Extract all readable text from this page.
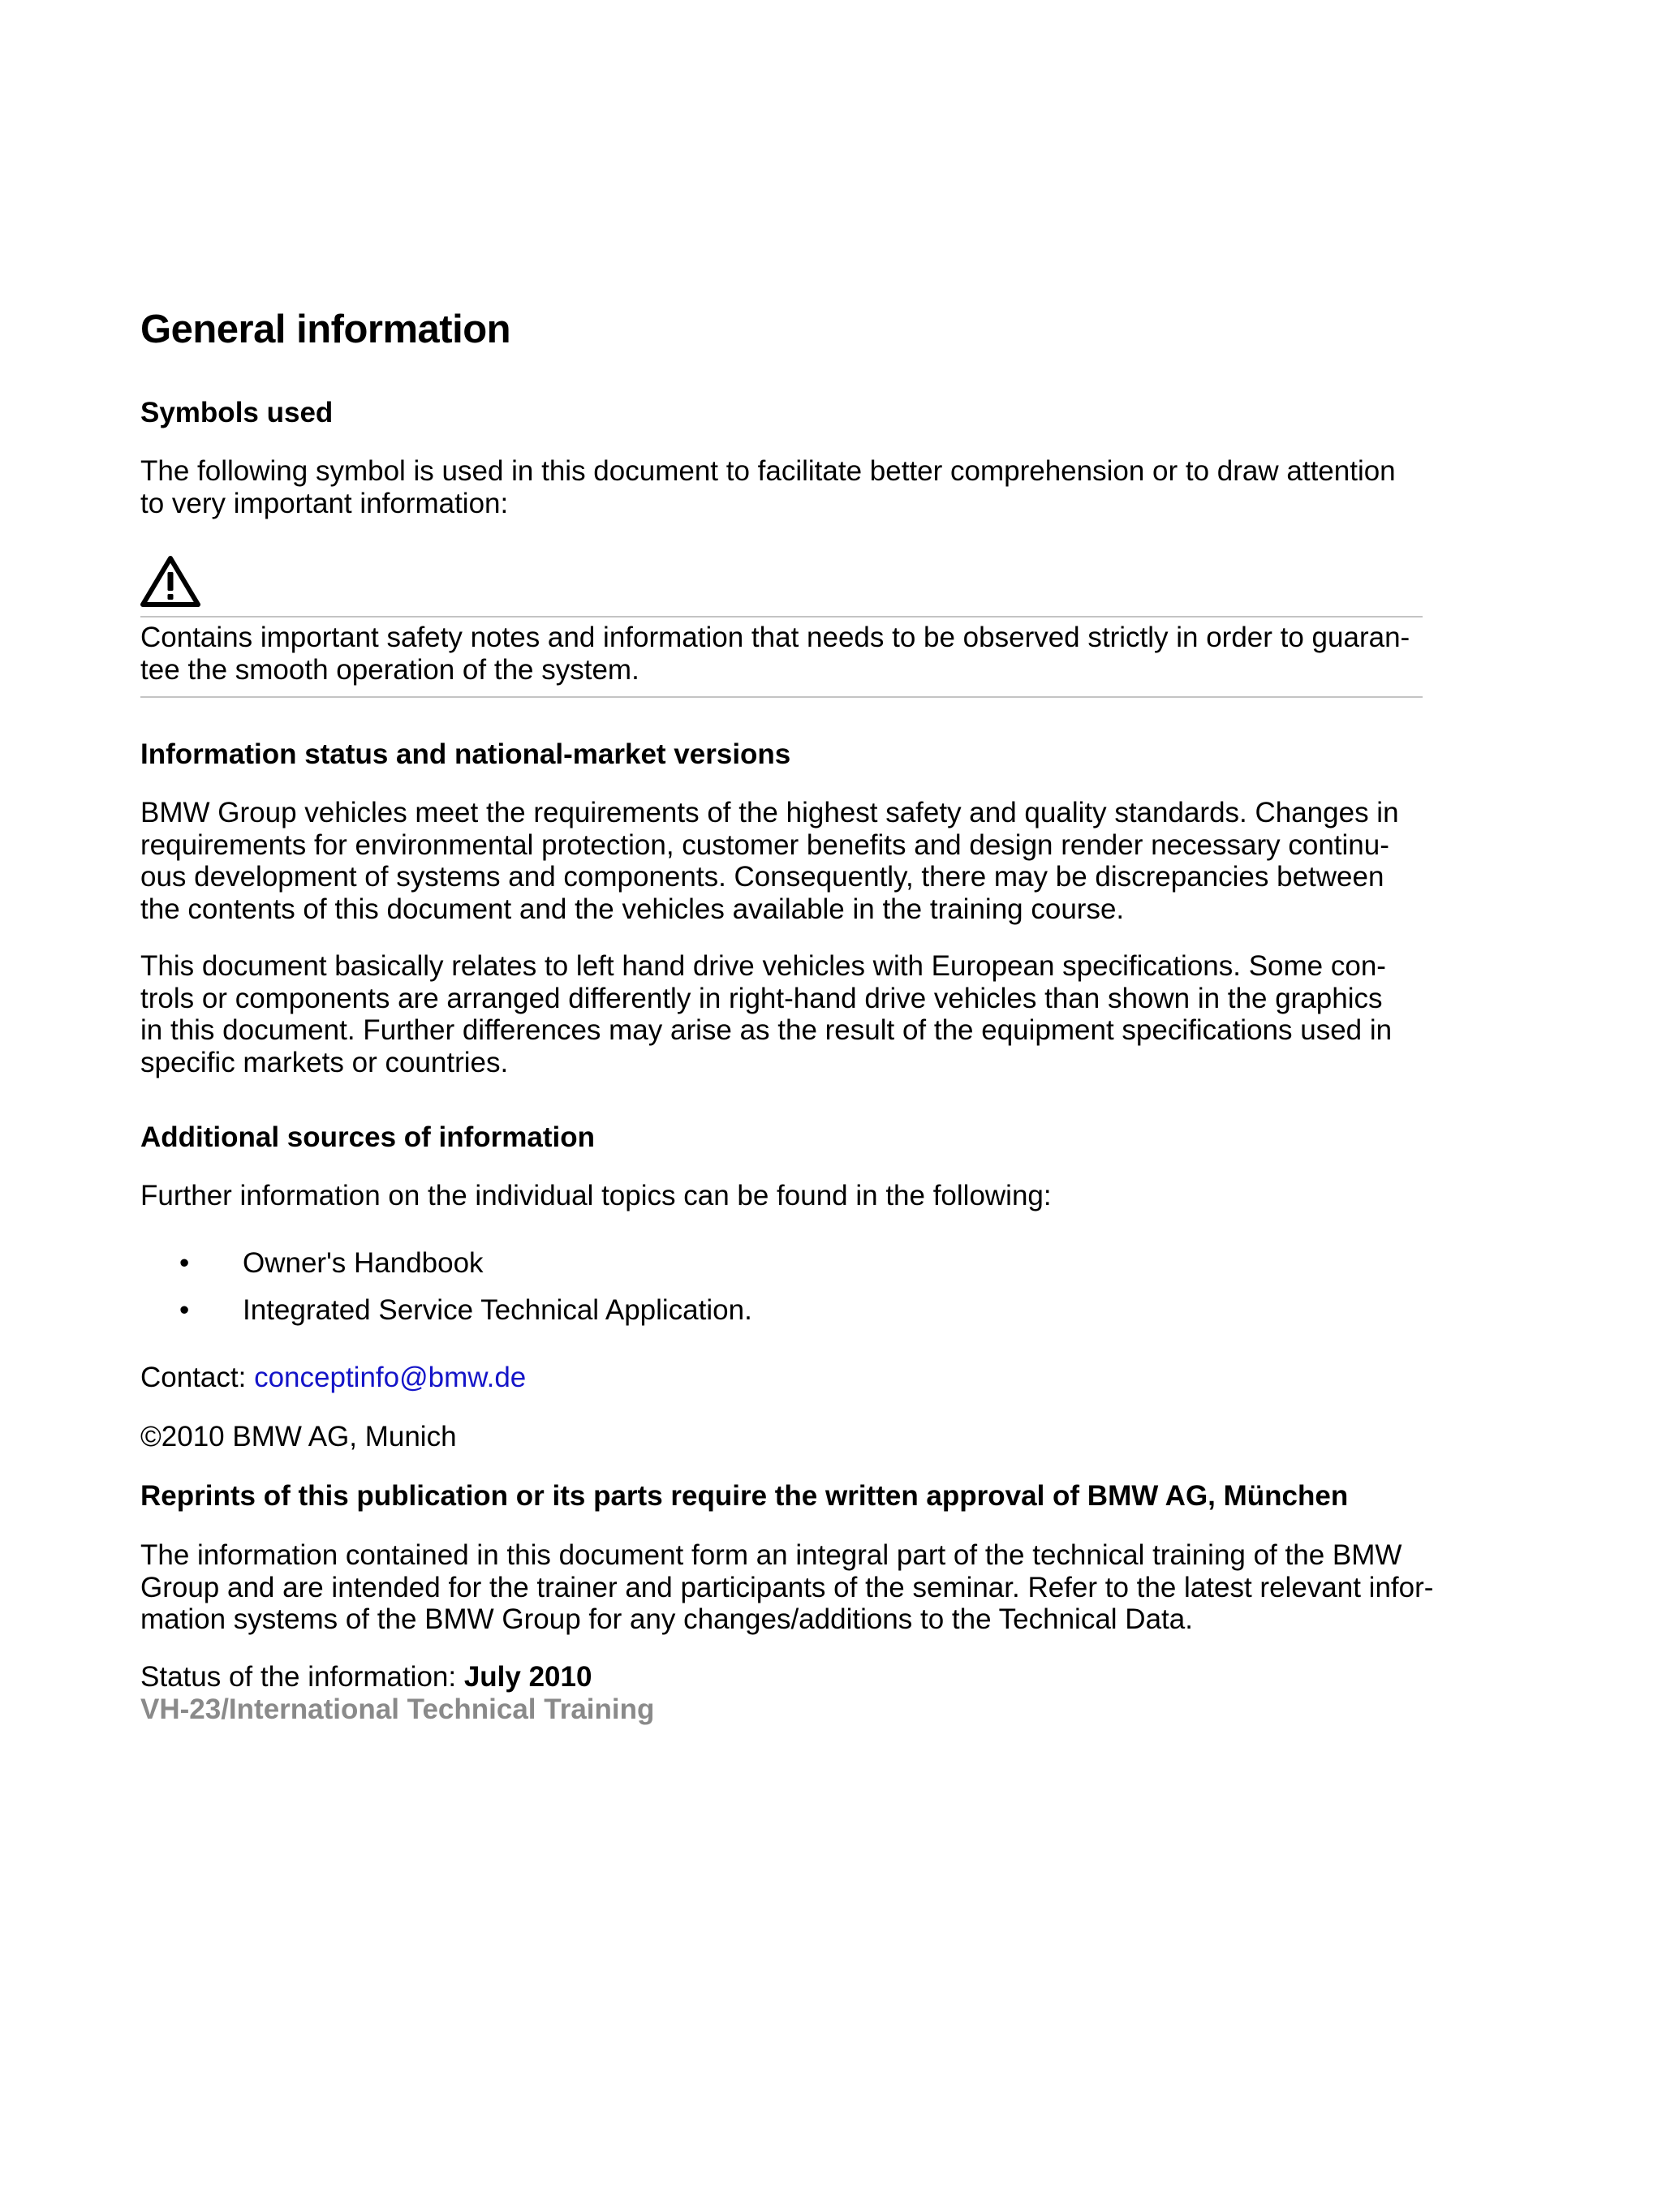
General information
Symbols used

The following symbol is used in this document to facilitate better comprehension or to draw attention
to very important information:

Contains important safety notes and information that needs to be observed strictly in order to guaran-
tee the smooth operation of the system.

Information status and national-market versions

BMW Group vehicles meet the requirements of the highest safety and quality standards. Changes in
requirements for environmental protection, customer benefits and design render necessary continu-
ous development of systems and components. Consequently, there may be discrepancies between
the contents of this document and the vehicles available in the training course.

This document basically relates to left hand drive vehicles with European specifications. Some con-
trols or components are arranged differently in right-hand drive vehicles than shown in the graphics
in this document. Further differences may arise as the result of the equipment specifications used in
specific markets or countries.

Additional sources of information

Further information on the individual topics can be found in the following:

• Owner's Handbook
• Integrated Service Technical Application.

Contact: conceptinfo@bmw.de

©2010 BMW AG, Munich

Reprints of this publication or its parts require the written approval of BMW AG, München

The information contained in this document form an integral part of the technical training of the BMW
Group and are intended for the trainer and participants of the seminar. Refer to the latest relevant infor-
mation systems of the BMW Group for any changes/additions to the Technical Data.

Status of the information: July 2010
VH-23/International Technical Training
